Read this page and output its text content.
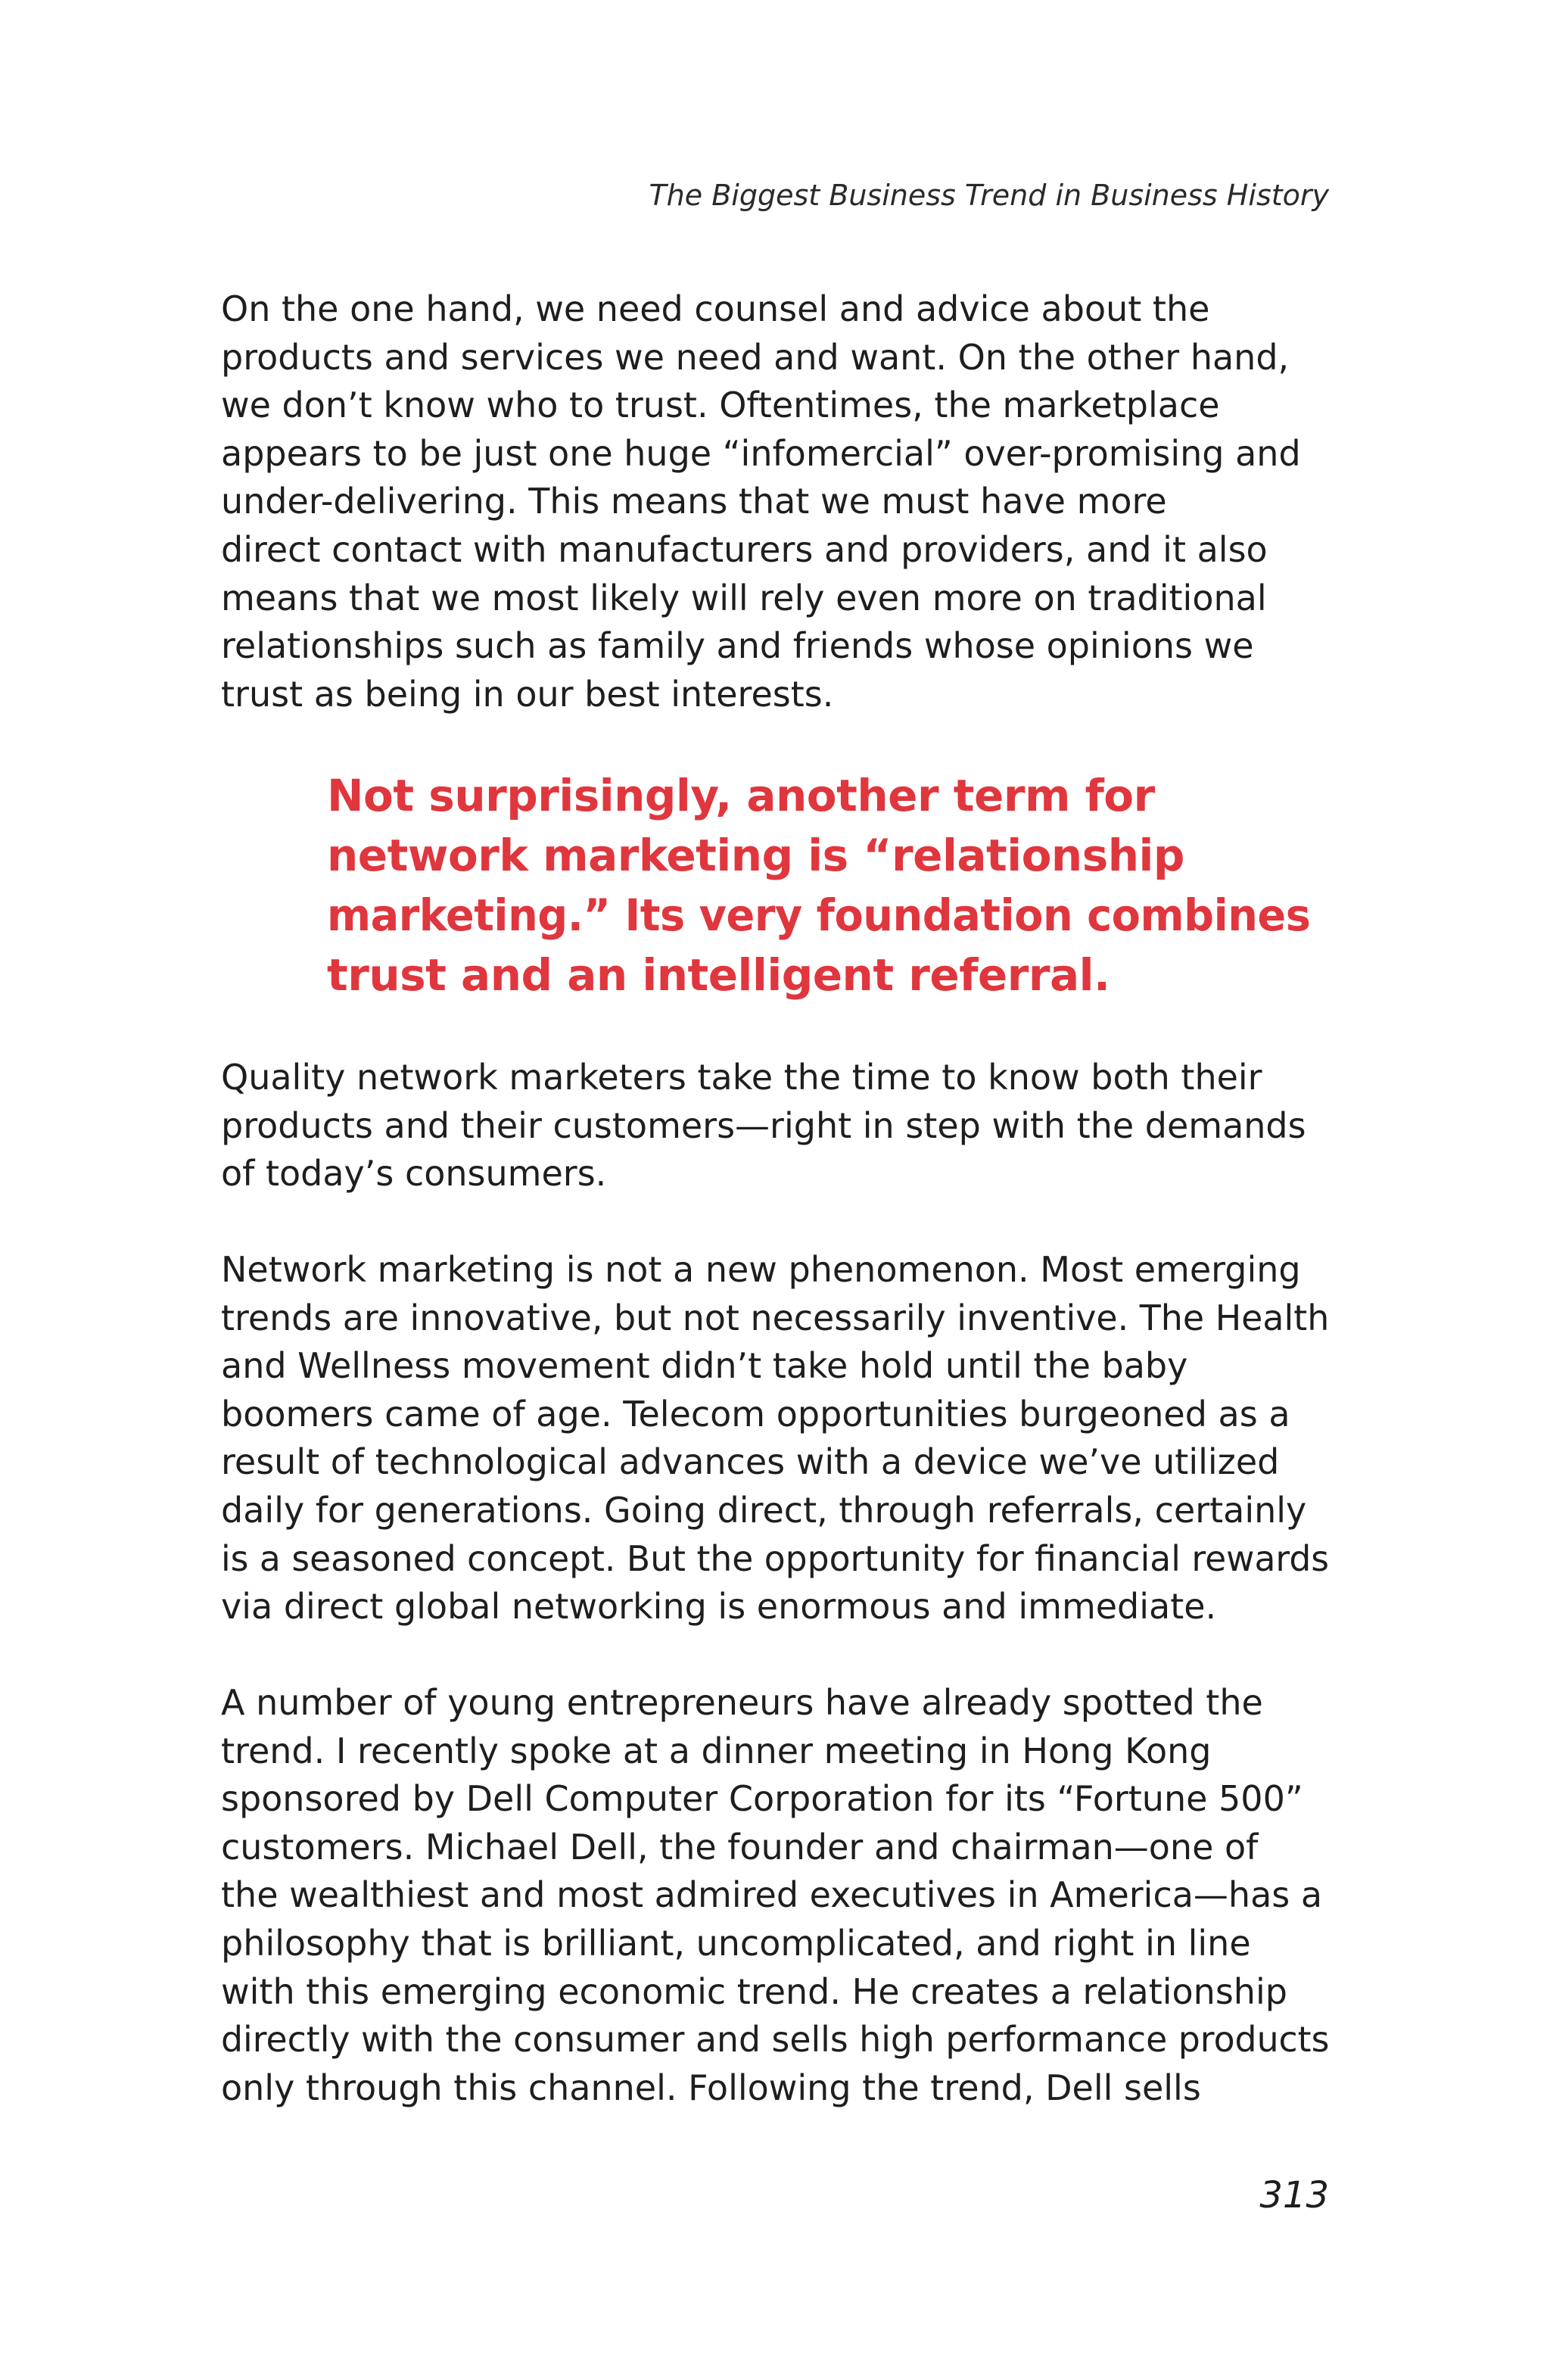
The Biggest Business Trend in Business History
On the one hand, we need counsel and advice about the
products and services we need and want. On the other hand,
we don’t know who to trust. Oftentimes, the marketplace
appears to be just one huge “infomercial” over-promising and
under-delivering. This means that we must have more
direct contact with manufacturers and providers, and it also
means that we most likely will rely even more on traditional
relationships such as family and friends whose opinions we
trust as being in our best interests.
Not surprisingly, another term for
network marketing is “relationship
marketing.” Its very foundation combines
trust and an intelligent referral.
Quality network marketers take the time to know both their
products and their customers—right in step with the demands
of today’s consumers.
Network marketing is not a new phenomenon. Most emerging
trends are innovative, but not necessarily inventive. The Health
and Wellness movement didn’t take hold until the baby
boomers came of age. Telecom opportunities burgeoned as a
result of technological advances with a device we’ve utilized
daily for generations. Going direct, through referrals, certainly
is a seasoned concept. But the opportunity for financial rewards
via direct global networking is enormous and immediate.
A number of young entrepreneurs have already spotted the
trend. I recently spoke at a dinner meeting in Hong Kong
sponsored by Dell Computer Corporation for its “Fortune 500”
customers. Michael Dell, the founder and chairman—one of
the wealthiest and most admired executives in America—has a
philosophy that is brilliant, uncomplicated, and right in line
with this emerging economic trend. He creates a relationship
directly with the consumer and sells high performance products
only through this channel. Following the trend, Dell sells
313
